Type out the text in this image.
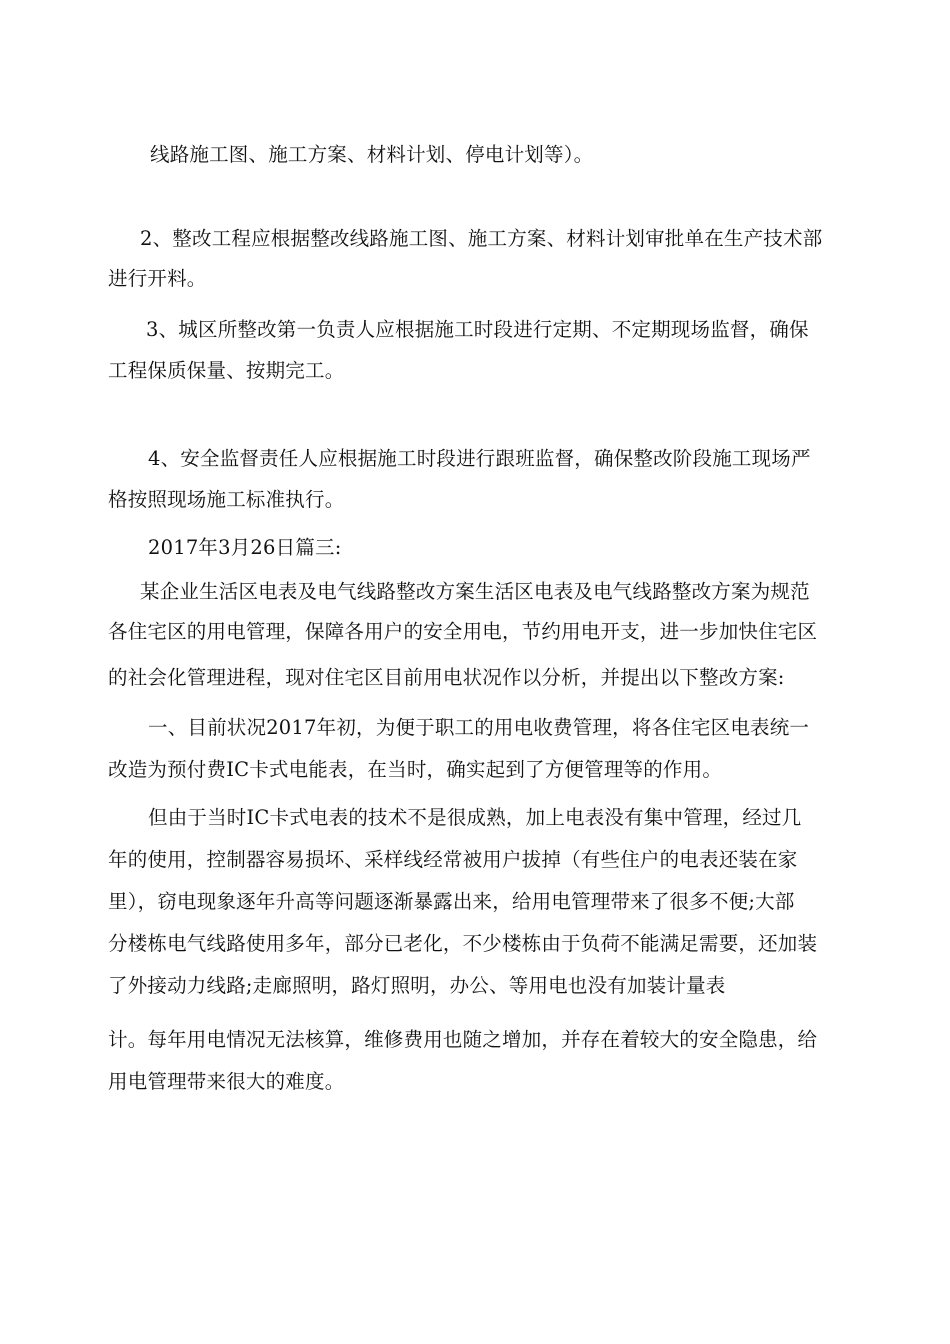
线路施工图、施工方案、材料计划、停电计划等）。
2、整改工程应根据整改线路施工图、施工方案、材料计划审批单在生产技术部
进行开料。
3、城区所整改第一负责人应根据施工时段进行定期、不定期现场监督，确保
工程保质保量、按期完工。
4、安全监督责任人应根据施工时段进行跟班监督，确保整改阶段施工现场严
格按照现场施工标准执行。
2017年3月26日篇三:
某企业生活区电表及电气线路整改方案生活区电表及电气线路整改方案为规范
各住宅区的用电管理，保障各用户的安全用电，节约用电开支，进一步加快住宅区
的社会化管理进程，现对住宅区目前用电状况作以分析，并提出以下整改方案:
一、目前状况2017年初，为便于职工的用电收费管理，将各住宅区电表统一
改造为预付费IC卡式电能表，在当时，确实起到了方便管理等的作用。
但由于当时IC卡式电表的技术不是很成熟，加上电表没有集中管理，经过几
年的使用，控制器容易损坏、采样线经常被用户拔掉（有些住户的电表还装在家
里），窃电现象逐年升高等问题逐渐暴露出来，给用电管理带来了很多不便;大部
分楼栋电气线路使用多年，部分已老化，不少楼栋由于负荷不能满足需要，还加装
了外接动力线路;走廊照明，路灯照明，办公、等用电也没有加装计量表
计。每年用电情况无法核算，维修费用也随之增加，并存在着较大的安全隐患，给
用电管理带来很大的难度。
